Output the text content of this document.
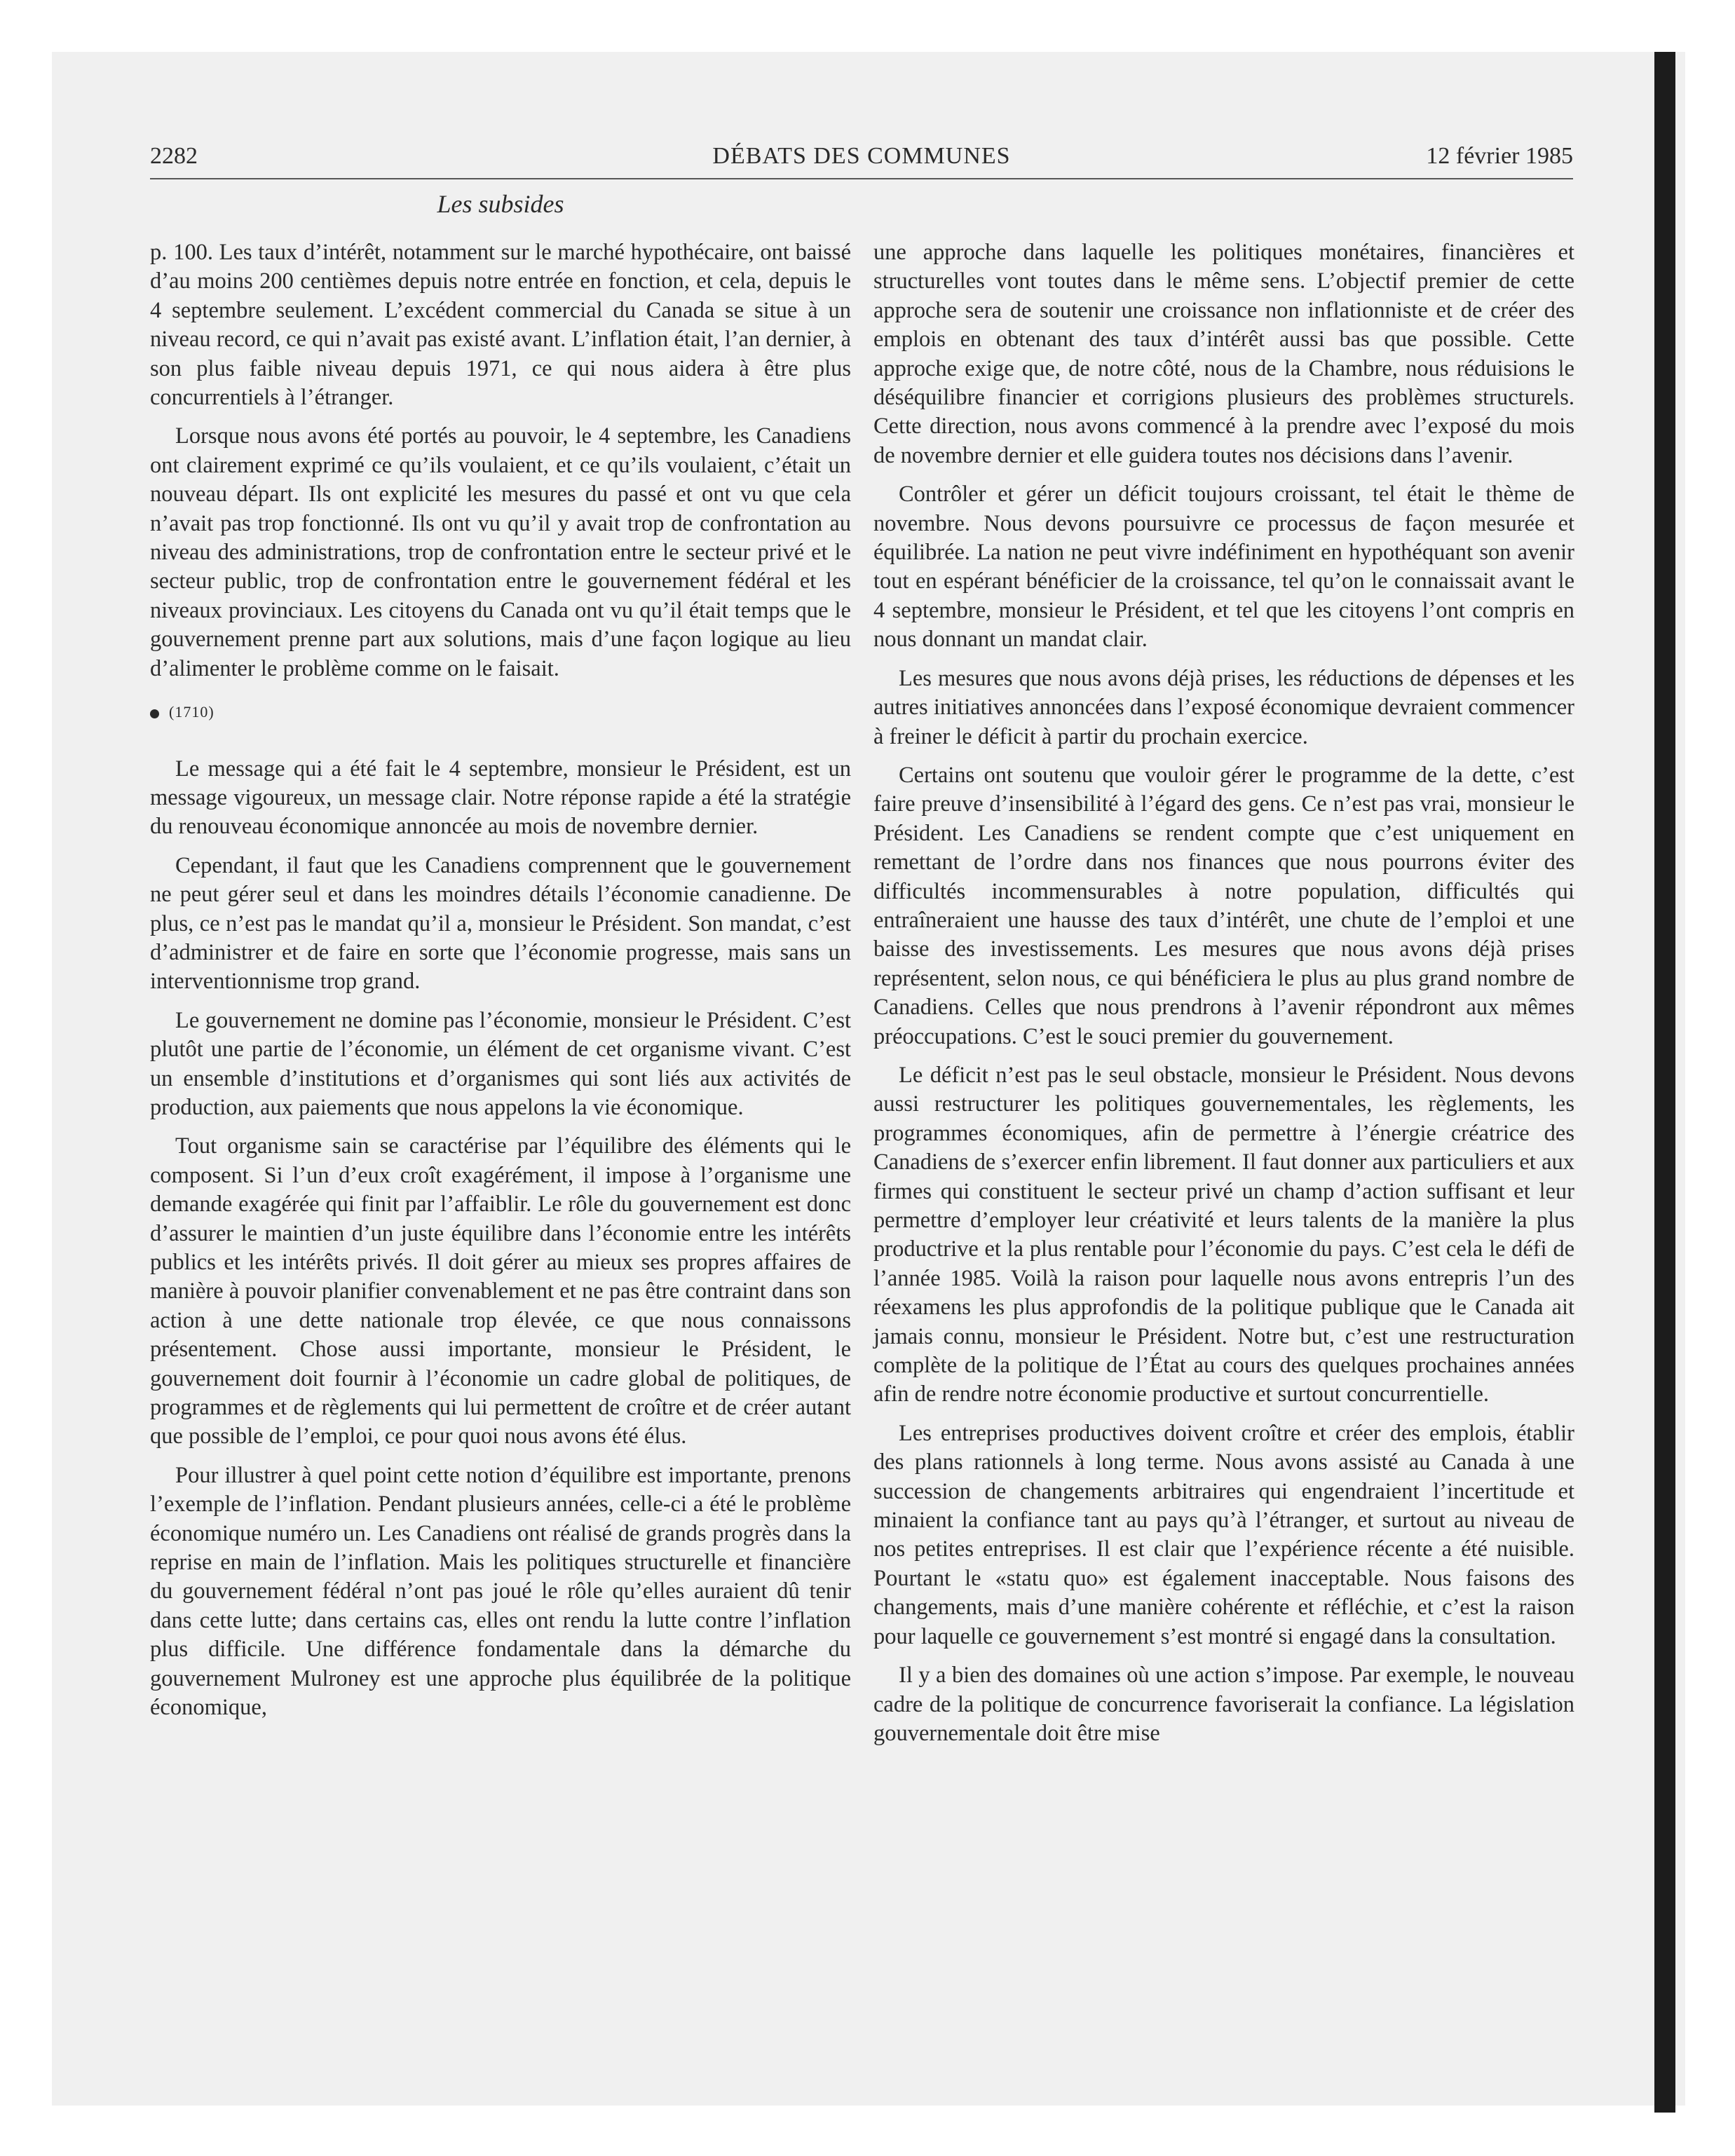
2282	DÉBATS DES COMMUNES	12 février 1985
Les subsides

p. 100. Les taux d’intérêt, notamment sur le marché hypothécaire, ont baissé d’au moins 200 centièmes depuis notre entrée en fonction, et cela, depuis le 4 septembre seulement. L’excédent commercial du Canada se situe à un niveau record, ce qui n’avait pas existé avant. L’inflation était, l’an dernier, à son plus faible niveau depuis 1971, ce qui nous aidera à être plus concurrentiels à l’étranger.

Lorsque nous avons été portés au pouvoir, le 4 septembre, les Canadiens ont clairement exprimé ce qu’ils voulaient, et ce qu’ils voulaient, c’était un nouveau départ. Ils ont explicité les mesures du passé et ont vu que cela n’avait pas trop fonctionné. Ils ont vu qu’il y avait trop de confrontation au niveau des administrations, trop de confrontation entre le secteur privé et le secteur public, trop de confrontation entre le gouvernement fédéral et les niveaux provinciaux. Les citoyens du Canada ont vu qu’il était temps que le gouvernement prenne part aux solutions, mais d’une façon logique au lieu d’alimenter le problème comme on le faisait.

(1710)

Le message qui a été fait le 4 septembre, monsieur le Président, est un message vigoureux, un message clair. Notre réponse rapide a été la stratégie du renouveau économique annoncée au mois de novembre dernier.

Cependant, il faut que les Canadiens comprennent que le gouvernement ne peut gérer seul et dans les moindres détails l’économie canadienne. De plus, ce n’est pas le mandat qu’il a, monsieur le Président. Son mandat, c’est d’administrer et de faire en sorte que l’économie progresse, mais sans un interventionnisme trop grand.

Le gouvernement ne domine pas l’économie, monsieur le Président. C’est plutôt une partie de l’économie, un élément de cet organisme vivant. C’est un ensemble d’institutions et d’organismes qui sont liés aux activités de production, aux paiements que nous appelons la vie économique.

Tout organisme sain se caractérise par l’équilibre des éléments qui le composent. Si l’un d’eux croît exagérément, il impose à l’organisme une demande exagérée qui finit par l’affaiblir. Le rôle du gouvernement est donc d’assurer le maintien d’un juste équilibre dans l’économie entre les intérêts publics et les intérêts privés. Il doit gérer au mieux ses propres affaires de manière à pouvoir planifier convenablement et ne pas être contraint dans son action à une dette nationale trop élevée, ce que nous connaissons présentement. Chose aussi importante, monsieur le Président, le gouvernement doit fournir à l’économie un cadre global de politiques, de programmes et de règlements qui lui permettent de croître et de créer autant que possible de l’emploi, ce pour quoi nous avons été élus.

Pour illustrer à quel point cette notion d’équilibre est importante, prenons l’exemple de l’inflation. Pendant plusieurs années, celle-ci a été le problème économique numéro un. Les Canadiens ont réalisé de grands progrès dans la reprise en main de l’inflation. Mais les politiques structurelle et financière du gouvernement fédéral n’ont pas joué le rôle qu’elles auraient dû tenir dans cette lutte; dans certains cas, elles ont rendu la lutte contre l’inflation plus difficile. Une différence fondamentale dans la démarche du gouvernement Mulroney est une approche plus équilibrée de la politique économique,

une approche dans laquelle les politiques monétaires, financières et structurelles vont toutes dans le même sens. L’objectif premier de cette approche sera de soutenir une croissance non inflationniste et de créer des emplois en obtenant des taux d’intérêt aussi bas que possible. Cette approche exige que, de notre côté, nous de la Chambre, nous réduisions le déséquilibre financier et corrigions plusieurs des problèmes structurels. Cette direction, nous avons commencé à la prendre avec l’exposé du mois de novembre dernier et elle guidera toutes nos décisions dans l’avenir.

Contrôler et gérer un déficit toujours croissant, tel était le thème de novembre. Nous devons poursuivre ce processus de façon mesurée et équilibrée. La nation ne peut vivre indéfiniment en hypothéquant son avenir tout en espérant bénéficier de la croissance, tel qu’on le connaissait avant le 4 septembre, monsieur le Président, et tel que les citoyens l’ont compris en nous donnant un mandat clair.

Les mesures que nous avons déjà prises, les réductions de dépenses et les autres initiatives annoncées dans l’exposé économique devraient commencer à freiner le déficit à partir du prochain exercice.

Certains ont soutenu que vouloir gérer le programme de la dette, c’est faire preuve d’insensibilité à l’égard des gens. Ce n’est pas vrai, monsieur le Président. Les Canadiens se rendent compte que c’est uniquement en remettant de l’ordre dans nos finances que nous pourrons éviter des difficultés incommensurables à notre population, difficultés qui entraîneraient une hausse des taux d’intérêt, une chute de l’emploi et une baisse des investissements. Les mesures que nous avons déjà prises représentent, selon nous, ce qui bénéficiera le plus au plus grand nombre de Canadiens. Celles que nous prendrons à l’avenir répondront aux mêmes préoccupations. C’est le souci premier du gouvernement.

Le déficit n’est pas le seul obstacle, monsieur le Président. Nous devons aussi restructurer les politiques gouvernementales, les règlements, les programmes économiques, afin de permettre à l’énergie créatrice des Canadiens de s’exercer enfin librement. Il faut donner aux particuliers et aux firmes qui constituent le secteur privé un champ d’action suffisant et leur permettre d’employer leur créativité et leurs talents de la manière la plus productrive et la plus rentable pour l’économie du pays. C’est cela le défi de l’année 1985. Voilà la raison pour laquelle nous avons entrepris l’un des réexamens les plus approfondis de la politique publique que le Canada ait jamais connu, monsieur le Président. Notre but, c’est une restructuration complète de la politique de l’État au cours des quelques prochaines années afin de rendre notre économie productive et surtout concurrentielle.

Les entreprises productives doivent croître et créer des emplois, établir des plans rationnels à long terme. Nous avons assisté au Canada à une succession de changements arbitraires qui engendraient l’incertitude et minaient la confiance tant au pays qu’à l’étranger, et surtout au niveau de nos petites entreprises. Il est clair que l’expérience récente a été nuisible. Pourtant le «statu quo» est également inacceptable. Nous faisons des changements, mais d’une manière cohérente et réfléchie, et c’est la raison pour laquelle ce gouvernement s’est montré si engagé dans la consultation.

Il y a bien des domaines où une action s’impose. Par exemple, le nouveau cadre de la politique de concurrence favoriserait la confiance. La législation gouvernementale doit être mise
